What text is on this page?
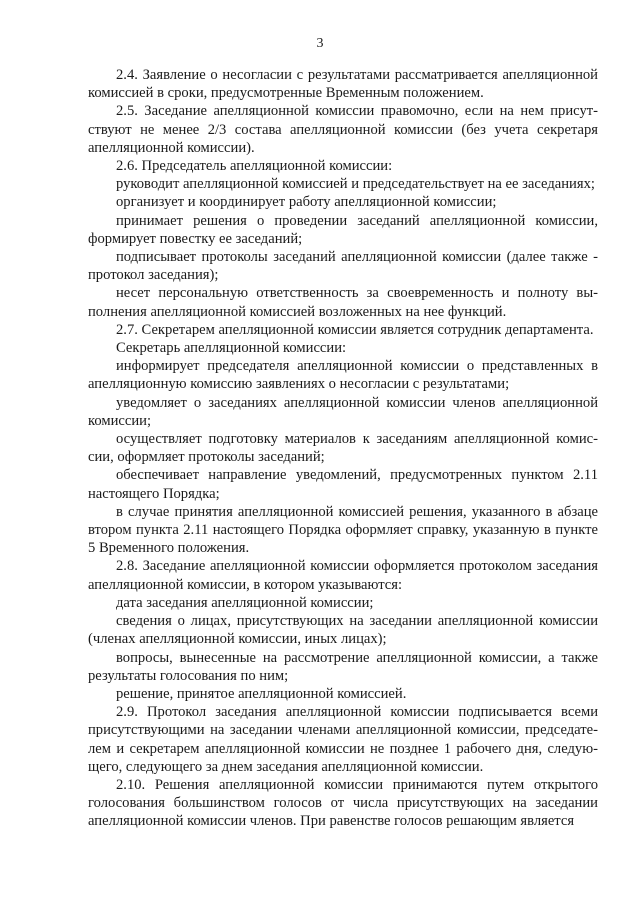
3

2.4. Заявление о несогласии с результатами рассматривается апелляционной комиссией в сроки, предусмотренные Временным положением.

2.5. Заседание апелляционной комиссии правомочно, если на нем присутствуют не менее 2/3 состава апелляционной комиссии (без учета секретаря апелляционной комиссии).

2.6. Председатель апелляционной комиссии:

руководит апелляционной комиссией и председательствует на ее заседаниях;

организует и координирует работу апелляционной комиссии;

принимает решения о проведении заседаний апелляционной комиссии, формирует повестку ее заседаний;

подписывает протоколы заседаний апелляционной комиссии (далее также - протокол заседания);

несет персональную ответственность за своевременность и полноту выполнения апелляционной комиссией возложенных на нее функций.

2.7. Секретарем апелляционной комиссии является сотрудник департамента.

Секретарь апелляционной комиссии:

информирует председателя апелляционной комиссии о представленных в апелляционную комиссию заявлениях о несогласии с результатами;

уведомляет о заседаниях апелляционной комиссии членов апелляционной комиссии;

осуществляет подготовку материалов к заседаниям апелляционной комиссии, оформляет протоколы заседаний;

обеспечивает направление уведомлений, предусмотренных пунктом 2.11 настоящего Порядка;

в случае принятия апелляционной комиссией решения, указанного в абзаце втором пункта 2.11 настоящего Порядка оформляет справку, указанную в пункте 5 Временного положения.

2.8. Заседание апелляционной комиссии оформляется протоколом заседания апелляционной комиссии, в котором указываются:

дата заседания апелляционной комиссии;

сведения о лицах, присутствующих на заседании апелляционной комиссии (членах апелляционной комиссии, иных лицах);

вопросы, вынесенные на рассмотрение апелляционной комиссии, а также результаты голосования по ним;

решение, принятое апелляционной комиссией.

2.9. Протокол заседания апелляционной комиссии подписывается всеми присутствующими на заседании членами апелляционной комиссии, председателем и секретарем апелляционной комиссии не позднее 1 рабочего дня, следующего, следующего за днем заседания апелляционной комиссии.

2.10. Решения апелляционной комиссии принимаются путем открытого голосования большинством голосов от числа присутствующих на заседании апелляционной комиссии членов. При равенстве голосов решающим является
